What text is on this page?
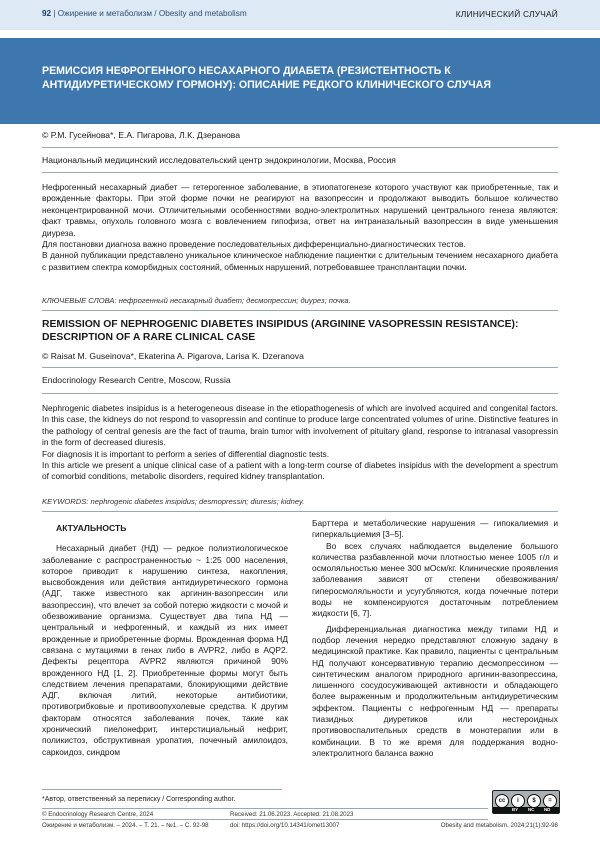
92 | Ожирение и метаболизм / Obesity and metabolism	КЛИНИЧЕСКИЙ СЛУЧАЙ
РЕМИССИЯ НЕФРОГЕННОГО НЕСАХАРНОГО ДИАБЕТА (РЕЗИСТЕНТНОСТЬ К АНТИДИУРЕТИЧЕСКОМУ ГОРМОНУ): ОПИСАНИЕ РЕДКОГО КЛИНИЧЕСКОГО СЛУЧАЯ
© Р.М. Гусейнова*, Е.А. Пигарова, Л.К. Дзеранова
Национальный медицинский исследовательский центр эндокринологии, Москва, Россия

Нефрогенный несахарный диабет — гетерогенное заболевание, в этиопатогенезе которого участвуют как приобретенные, так и врожденные факторы. При этой форме почки не реагируют на вазопрессин и продолжают выводить большое количество неконцентрированной мочи. Отличительными особенностями водно-электролитных нарушений центрального генеза являются: факт травмы, опухоль головного мозга с вовлечением гипофиза, ответ на интраназальный вазопрессин в виде уменьшения диуреза.

Для постановки диагноза важно проведение последовательных дифференциально-диагностических тестов.

В данной публикации представлено уникальное клиническое наблюдение пациентки с длительным течением несахарного диабета с развитием спектра коморбидных состояний, обменных нарушений, потребовавшее трансплантации почки.

КЛЮЧЕВЫЕ СЛОВА: нефрогенный несахарный диабет; десмопрессин; диурез; почка.
REMISSION OF NEPHROGENIC DIABETES INSIPIDUS (ARGININE VASOPRESSIN RESISTANCE): DESCRIPTION OF A RARE CLINICAL CASE
© Raisat M. Guseinova*, Ekaterina A. Pigarova, Larisa K. Dzeranova
Endocrinology Research Centre, Moscow, Russia

Nephrogenic diabetes insipidus is a heterogeneous disease in the etiopathogenesis of which are involved acquired and congenital factors. In this case, the kidneys do not respond to vasopressin and continue to produce large concentrated volumes of urine. Distinctive features in the pathology of central genesis are the fact of trauma, brain tumor with involvement of pituitary gland, response to intranasal vasopressin in the form of decreased diuresis.

For diagnosis it is important to perform a series of differential diagnostic tests.

In this article we present a unique clinical case of a patient with a long-term course of diabetes insipidus with the development a spectrum of comorbid conditions, metabolic disorders, required kidney transplantation.

KEYWORDS: nephrogenic diabetes insipidus; desmopressin; diuresis; kidney.
АКТУАЛЬНОСТЬ

Несахарный диабет (НД) — редкое полиэтиологическое заболевание с распространенностью ~ 1:25 000 населения, которое приводит к нарушению синтеза, накопления, высвобождения или действия антидиуретического гормона (АДГ, также известного как аргинин-вазопрессин или вазопрессин), что влечет за собой потерю жидкости с мочой и обезвоживание организма. Существует два типа НД — центральный и нефрогенный, и каждый из них имеет врожденные и приобретенные формы. Врожденная форма НД связана с мутациями в генах либо в AVPR2, либо в AQP2. Дефекты рецептора AVPR2 являются причиной 90% врожденного НД [1, 2]. Приобретенные формы могут быть следствием лечения препаратами, блокирующими действие АДГ, включая литий, некоторые антибиотики, противогрибковые и противоопухолевые средства. К другим факторам относятся заболевания почек, такие как хронический пиелонефрит, интерстициальный нефрит, поликистоз, обструктивная уропатия, почечный амилоидоз, саркоидоз, синдром

Барттера и метаболические нарушения — гипокалиемия и гиперкальциемия [3–5].

Во всех случаях наблюдается выделение большого количества разбавленной мочи плотностью менее 1005 г/л и осмоляльностью менее 300 мОсм/кг. Клинические проявления заболевания зависят от степени обезвоживания/гиперосмоляльности и усугубляются, когда почечные потери воды не компенсируются достаточным потреблением жидкости [6, 7].

Дифференциальная диагностика между типами НД и подбор лечения нередко представляют сложную задачу в медицинской практике. Как правило, пациенты с центральным НД получают консервативную терапию десмопрессином — синтетическим аналогом природного аргинин-вазопрессина, лишенного сосудосуживающей активности и обладающего более выраженным и продолжительным антидиуретическим эффектом. Пациенты с нефрогенным НД — препараты тиазидных диуретиков или нестероидных противовоспалительных средств в монотерапии или в комбинации. В то же время для поддержания водно-электролитного баланса важно

*Автор, ответственный за переписку / Corresponding author.
© Endocrinology Research Centre, 2024	Received: 21.06.2023. Accepted: 21.08.2023
Ожирение и метаболизм. – 2024. – Т. 21. – №1. – С. 92-98	doi: https://doi.org/10.14341/omet13007	Obesity and metabolism. 2024;21(1):92-98
cc	i	$	=
BY NC ND
